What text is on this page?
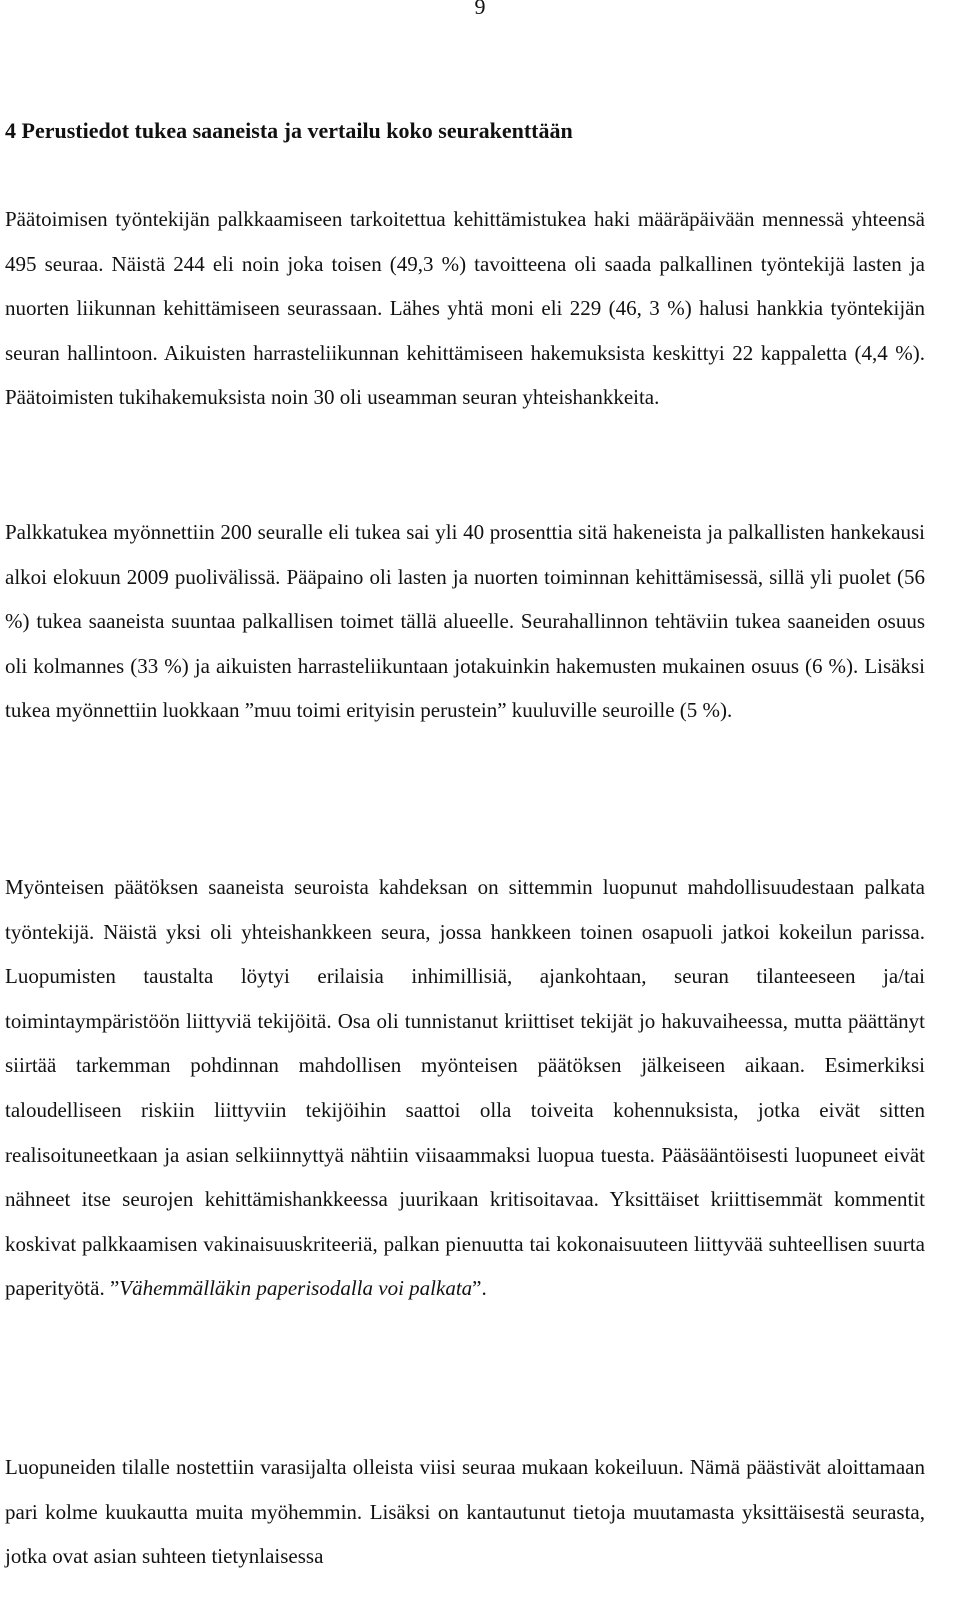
9
4 Perustiedot tukea saaneista ja vertailu koko seurakenttään

Päätoimisen työntekijän palkkaamiseen tarkoitettua kehittämistukea haki määräpäivään mennessä yhteensä 495 seuraa. Näistä 244 eli noin joka toisen (49,3 %) tavoitteena oli saada palkallinen työntekijä lasten ja nuorten liikunnan kehittämiseen seurassaan. Lähes yhtä moni eli 229 (46, 3 %) halusi hankkia työntekijän seuran hallintoon. Aikuisten harrasteliikunnan kehittämiseen hakemuksista keskittyi 22 kappaletta (4,4 %). Päätoimisten tukihakemuksista noin 30 oli useamman seuran yhteishankkeita.

Palkkatukea myönnettiin 200 seuralle eli tukea sai yli 40 prosenttia sitä hakeneista ja palkallisten hankekausi alkoi elokuun 2009 puolivälissä. Pääpaino oli lasten ja nuorten toiminnan kehittämisessä, sillä yli puolet (56 %) tukea saaneista suuntaa palkallisen toimet tällä alueelle. Seurahallinnon tehtäviin tukea saaneiden osuus oli kolmannes (33 %) ja aikuisten harrasteliikuntaan jotakuinkin hakemusten mukainen osuus (6 %). Lisäksi tukea myönnettiin luokkaan ”muu toimi erityisin perustein” kuuluville seuroille (5 %).

Myönteisen päätöksen saaneista seuroista kahdeksan on sittemmin luopunut mahdollisuudestaan palkata työntekijä. Näistä yksi oli yhteishankkeen seura, jossa hankkeen toinen osapuoli jatkoi kokeilun parissa. Luopumisten taustalta löytyi erilaisia inhimillisiä, ajankohtaan, seuran tilanteeseen ja/tai toimintaympäristöön liittyviä tekijöitä. Osa oli tunnistanut kriittiset tekijät jo hakuvaiheessa, mutta päättänyt siirtää tarkemman pohdinnan mahdollisen myönteisen päätöksen jälkeiseen aikaan. Esimerkiksi taloudelliseen riskiin liittyviin tekijöihin saattoi olla toiveita kohennuksista, jotka eivät sitten realisoituneetkaan ja asian selkiinnyttyä nähtiin viisaammaksi luopua tuesta. Pääsääntöisesti luopuneet eivät nähneet itse seurojen kehittämishankkeessa juurikaan kritisoitavaa. Yksittäiset kriittisemmät kommentit koskivat palkkaamisen vakinaisuuskriteeriä, palkan pienuutta tai kokonaisuuteen liittyvää suhteellisen suurta paperityötä. ”Vähemmälläkin paperisodalla voi palkata”.

Luopuneiden tilalle nostettiin varasijalta olleista viisi seuraa mukaan kokeiluun. Nämä päästivät aloittamaan pari kolme kuukautta muita myöhemmin. Lisäksi on kantautunut tietoja muutamasta yksittäisestä seurasta, jotka ovat asian suhteen tietynlaisessa
